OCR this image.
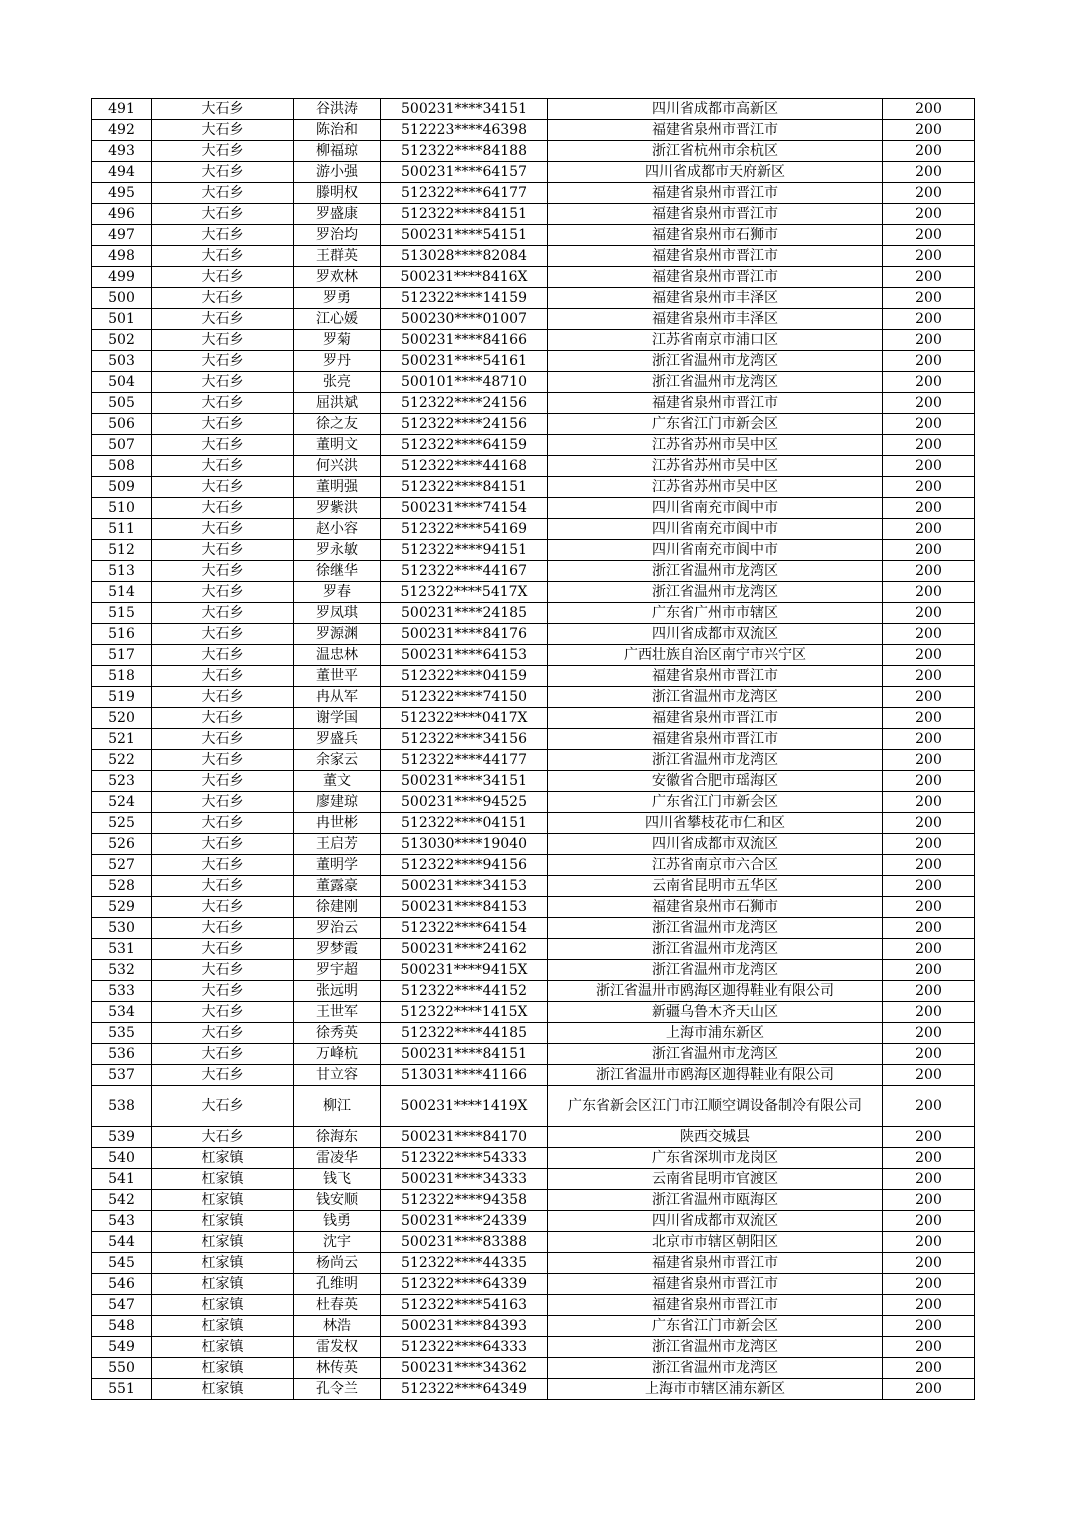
491	大石乡	谷洪涛	500231****34151	四川省成都市高新区	200
492	大石乡	陈治和	512223****46398	福建省泉州市晋江市	200
493	大石乡	柳福琼	512322****84188	浙江省杭州市余杭区	200
494	大石乡	游小强	500231****64157	四川省成都市天府新区	200
495	大石乡	滕明权	512322****64177	福建省泉州市晋江市	200
496	大石乡	罗盛康	512322****84151	福建省泉州市晋江市	200
497	大石乡	罗治均	500231****54151	福建省泉州市石狮市	200
498	大石乡	王群英	513028****82084	福建省泉州市晋江市	200
499	大石乡	罗欢林	500231****8416X	福建省泉州市晋江市	200
500	大石乡	罗勇	512322****14159	福建省泉州市丰泽区	200
501	大石乡	江心媛	500230****01007	福建省泉州市丰泽区	200
502	大石乡	罗菊	500231****84166	江苏省南京市浦口区	200
503	大石乡	罗丹	500231****54161	浙江省温州市龙湾区	200
504	大石乡	张亮	500101****48710	浙江省温州市龙湾区	200
505	大石乡	屈洪斌	512322****24156	福建省泉州市晋江市	200
506	大石乡	徐之友	512322****24156	广东省江门市新会区	200
507	大石乡	董明文	512322****64159	江苏省苏州市吴中区	200
508	大石乡	何兴洪	512322****44168	江苏省苏州市吴中区	200
509	大石乡	董明强	512322****84151	江苏省苏州市吴中区	200
510	大石乡	罗紫洪	500231****74154	四川省南充市阆中市	200
511	大石乡	赵小容	512322****54169	四川省南充市阆中市	200
512	大石乡	罗永敏	512322****94151	四川省南充市阆中市	200
513	大石乡	徐继华	512322****44167	浙江省温州市龙湾区	200
514	大石乡	罗春	512322****5417X	浙江省温州市龙湾区	200
515	大石乡	罗凤琪	500231****24185	广东省广州市市辖区	200
516	大石乡	罗源渊	500231****84176	四川省成都市双流区	200
517	大石乡	温忠林	500231****64153	广西壮族自治区南宁市兴宁区	200
518	大石乡	董世平	512322****04159	福建省泉州市晋江市	200
519	大石乡	冉从军	512322****74150	浙江省温州市龙湾区	200
520	大石乡	谢学国	512322****0417X	福建省泉州市晋江市	200
521	大石乡	罗盛兵	512322****34156	福建省泉州市晋江市	200
522	大石乡	余家云	512322****44177	浙江省温州市龙湾区	200
523	大石乡	董文	500231****34151	安徽省合肥市瑶海区	200
524	大石乡	廖建琼	500231****94525	广东省江门市新会区	200
525	大石乡	冉世彬	512322****04151	四川省攀枝花市仁和区	200
526	大石乡	王启芳	513030****19040	四川省成都市双流区	200
527	大石乡	董明学	512322****94156	江苏省南京市六合区	200
528	大石乡	董露豪	500231****34153	云南省昆明市五华区	200
529	大石乡	徐建刚	500231****84153	福建省泉州市石狮市	200
530	大石乡	罗治云	512322****64154	浙江省温州市龙湾区	200
531	大石乡	罗梦霞	500231****24162	浙江省温州市龙湾区	200
532	大石乡	罗宇超	500231****9415X	浙江省温州市龙湾区	200
533	大石乡	张远明	512322****44152	浙江省温卅市鸥海区迦得鞋业有限公司	200
534	大石乡	王世军	512322****1415X	新疆乌鲁木齐天山区	200
535	大石乡	徐秀英	512322****44185	上海市浦东新区	200
536	大石乡	万峰杭	500231****84151	浙江省温州市龙湾区	200
537	大石乡	甘立容	513031****41166	浙江省温卅市鸥海区迦得鞋业有限公司	200
538	大石乡	柳江	500231****1419X	广东省新会区江门市江顺空调设备制冷有限公司	200
539	大石乡	徐海东	500231****84170	陕西交城县	200
540	杠家镇	雷凌华	512322****54333	广东省深圳市龙岗区	200
541	杠家镇	钱飞	500231****34333	云南省昆明市官渡区	200
542	杠家镇	钱安顺	512322****94358	浙江省温州市瓯海区	200
543	杠家镇	钱勇	500231****24339	四川省成都市双流区	200
544	杠家镇	沈宇	500231****83388	北京市市辖区朝阳区	200
545	杠家镇	杨尚云	512322****44335	福建省泉州市晋江市	200
546	杠家镇	孔维明	512322****64339	福建省泉州市晋江市	200
547	杠家镇	杜春英	512322****54163	福建省泉州市晋江市	200
548	杠家镇	林浩	500231****84393	广东省江门市新会区	200
549	杠家镇	雷发权	512322****64333	浙江省温州市龙湾区	200
550	杠家镇	林传英	500231****34362	浙江省温州市龙湾区	200
551	杠家镇	孔令兰	512322****64349	上海市市辖区浦东新区	200
